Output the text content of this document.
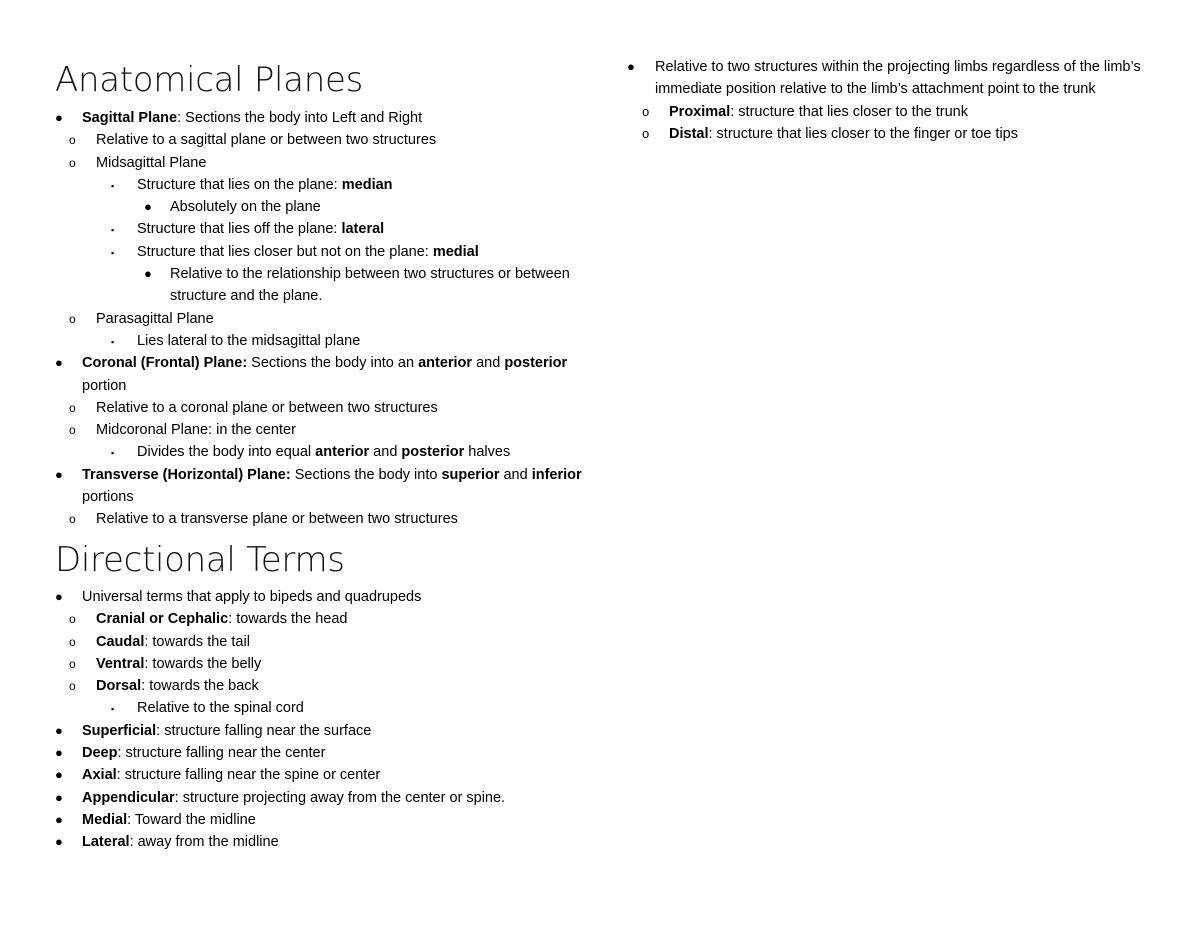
Anatomical Planes
● Sagittal Plane: Sections the body into Left and Right
o Relative to a sagittal plane or between two structures
o Midsagittal Plane
▪ Structure that lies on the plane: median
● Absolutely on the plane
▪ Structure that lies off the plane: lateral
▪ Structure that lies closer but not on the plane: medial
● Relative to the relationship between two structures or between structure and the plane.
o Parasagittal Plane
▪ Lies lateral to the midsagittal plane
● Coronal (Frontal) Plane: Sections the body into an anterior and posterior portion
o Relative to a coronal plane or between two structures
o Midcoronal Plane: in the center
▪ Divides the body into equal anterior and posterior halves
● Transverse (Horizontal) Plane: Sections the body into superior and inferior portions
o Relative to a transverse plane or between two structures
Directional Terms
● Universal terms that apply to bipeds and quadrupeds
o Cranial or Cephalic: towards the head
o Caudal: towards the tail
o Ventral: towards the belly
o Dorsal: towards the back
▪ Relative to the spinal cord
● Superficial: structure falling near the surface
● Deep: structure falling near the center
● Axial: structure falling near the spine or center
● Appendicular: structure projecting away from the center or spine.
● Medial: Toward the midline
● Lateral: away from the midline
● Relative to two structures within the projecting limbs regardless of the limb’s immediate position relative to the limb’s attachment point to the trunk
o Proximal: structure that lies closer to the trunk
o Distal: structure that lies closer to the finger or toe tips
